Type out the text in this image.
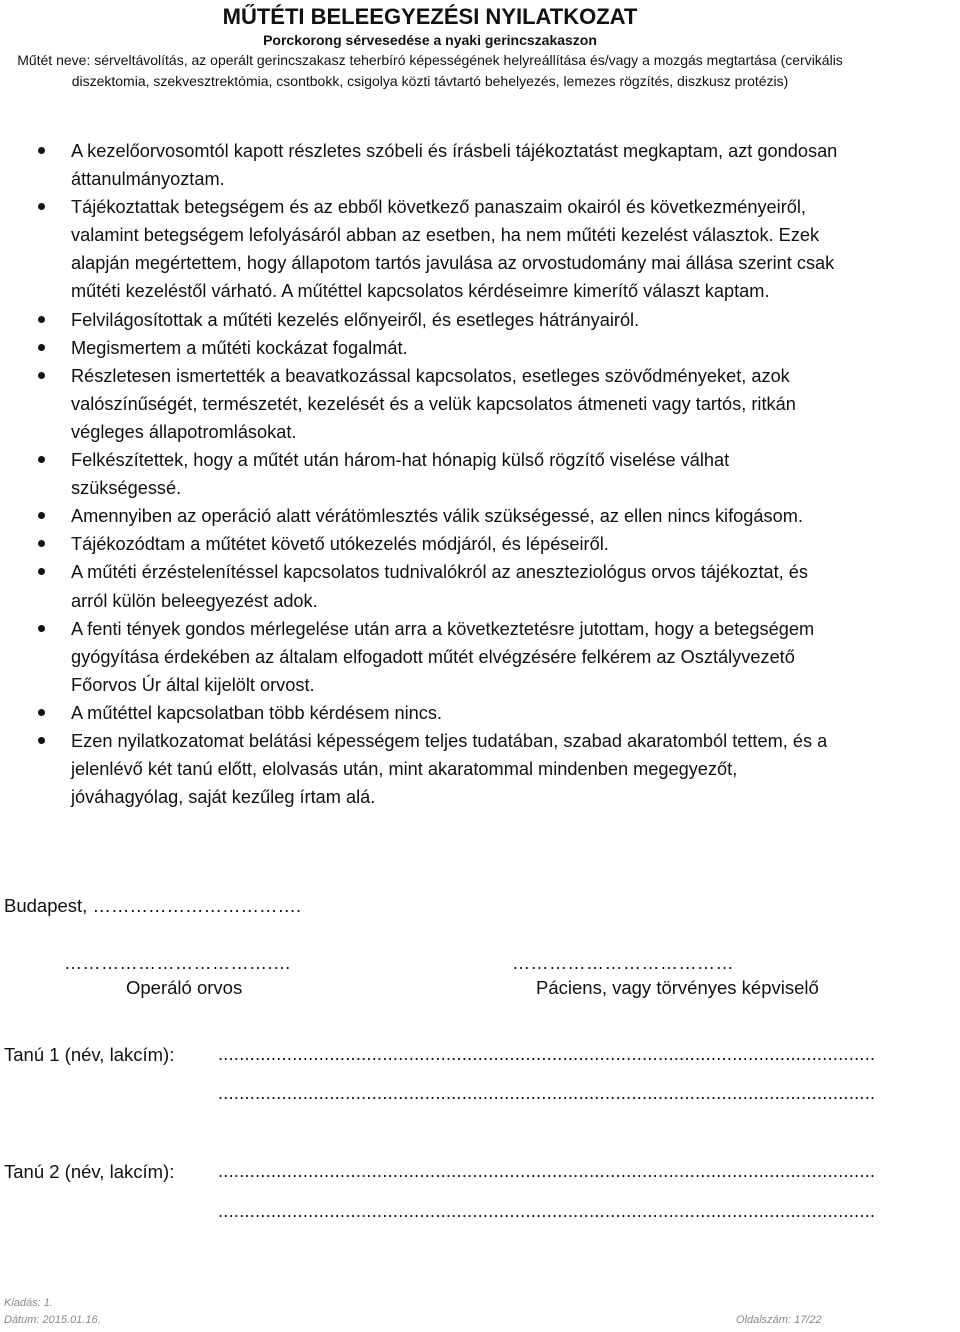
MŰTÉTI BELEEGYEZÉSI NYILATKOZAT
Porckorong sérvesedése a nyaki gerincszakaszon
Műtét neve: sérveltávolítás, az operált gerincszakasz teherbíró képességének helyreállítása és/vagy a mozgás megtartása (cervikális diszektomia, szekvesztrektómia, csontbokk, csigolya közti távtartó behelyezés, lemezes rögzítés, diszkusz protézis)
A kezelőorvosomtól kapott részletes szóbeli és írásbeli tájékoztatást megkaptam, azt gondosan áttanulmányoztam.
Tájékoztattak betegségem és az ebből következő panaszaim okairól és következményeiről, valamint betegségem lefolyásáról abban az esetben, ha nem műtéti kezelést választok. Ezek alapján megértettem, hogy állapotom tartós javulása az orvostudomány mai állása szerint csak műtéti kezeléstől várható. A műtéttel kapcsolatos kérdéseimre kimerítő választ kaptam.
Felvilágosítottak a műtéti kezelés előnyeiről, és esetleges hátrányairól.
Megismertem a műtéti kockázat fogalmát.
Részletesen ismertették a beavatkozással kapcsolatos, esetleges szövődményeket, azok valószínűségét, természetét, kezelését és a velük kapcsolatos átmeneti vagy tartós, ritkán végleges állapotromlásokat.
Felkészítettek, hogy a műtét után három-hat hónapig külső rögzítő viselése válhat szükségessé.
Amennyiben az operáció alatt vérátömlesztés válik szükségessé, az ellen nincs kifogásom.
Tájékozódtam a műtétet követő utókezelés módjáról, és lépéseiről.
A műtéti érzéstelenítéssel kapcsolatos tudnivalókról az aneszteziológus orvos tájékoztat, és arról külön beleegyezést adok.
A fenti tények gondos mérlegelése után arra a következtetésre jutottam, hogy a betegségem gyógyítása érdekében az általam elfogadott műtét elvégzésére felkérem az Osztályvezető Főorvos Úr által kijelölt orvost.
A műtéttel kapcsolatban több kérdésem nincs.
Ezen nyilatkozatomat belátási képességem teljes tudatában, szabad akaratomból tettem, és a jelenlévő két tanú előtt, elolvasás után, mint akaratommal mindenben megegyezőt, jóváhagyólag, saját kezűleg írtam alá.
Budapest, …………………………….
…………………………….…	………………………………
Operáló orvos	Páciens, vagy törvényes képviselő
Tanú 1 (név, lakcím): ............................................................................................................................
............................................................................................................................
Tanú 2 (név, lakcím): ............................................................................................................................
............................................................................................................................
Kiadás: 1.
Dátum: 2015.01.16.	Oldalszám: 17/22
